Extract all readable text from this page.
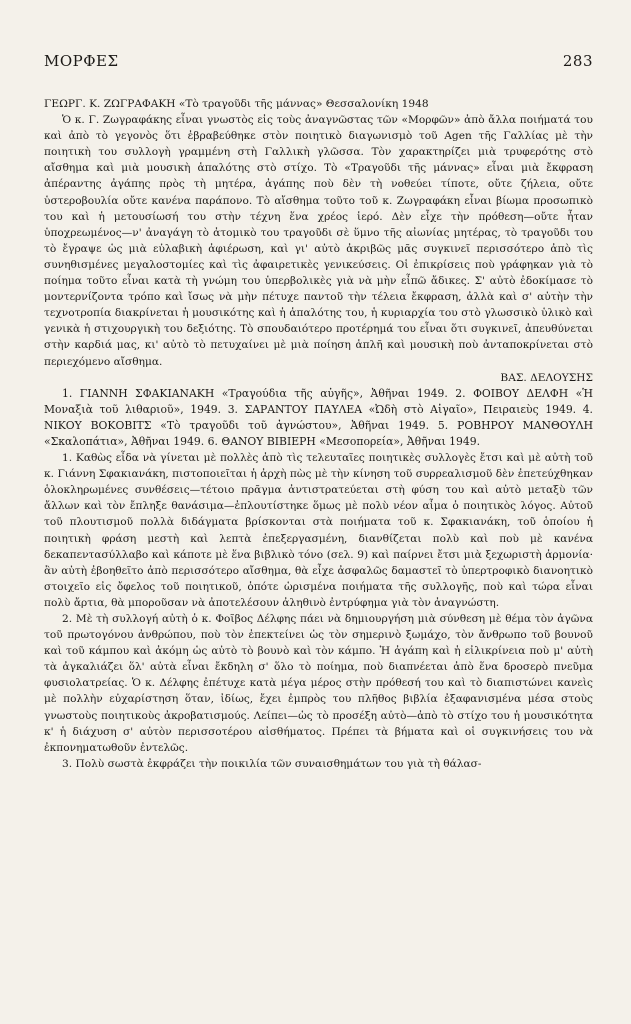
ΜΟΡΦΕΣ	283

ΓΕΩΡΓ. Κ. ΖΩΓΡΑΦΑΚΗ «Τὸ τραγοῦδι τῆς μάννας» Θεσσαλονίκη 1948

Ὁ κ. Γ. Ζωγραφάκης εἶναι γνωστὸς εἰς τοὺς ἀναγνῶστας τῶν «Μορφῶν» ἀπὸ ἄλλα ποιήματά του καὶ ἀπὸ τὸ γεγονὸς ὅτι ἐβραβεύθηκε στὸν ποιητικὸ διαγωνισμὸ τοῦ Agen τῆς Γαλλίας μὲ τὴν ποιητικὴ του συλλογὴ γραμμένη στὴ Γαλλικὴ γλῶσσα. Τὸν χαρακτηρίζει μιὰ τρυφερότης στὸ αἴσθημα καὶ μιὰ μουσικὴ ἁπαλότης στὸ στίχο. Τὸ «Τραγοῦδι τῆς μάννας» εἶναι μιὰ ἔκφραση ἀπέραντης ἀγάπης πρὸς τὴ μητέρα, ἀγάπης ποὺ δὲν τὴ νοθεύει τίποτε, οὔτε ζήλεια, οὔτε ὑστεροβουλία οὔτε κανένα παράπονο. Τὸ αἴσθημα τοῦτο τοῦ κ. Ζωγραφάκη εἶναι βίωμα προσωπικὸ του καὶ ἡ μετουσίωσή του στὴν τέχνη ἕνα χρέος ἱερό. Δὲν εἶχε τὴν πρόθεση—οὔτε ἦταν ὑποχρεωμένος—ν' ἀναγάγη τὸ ἀτομικὸ του τραγοῦδι σὲ ὕμνο τῆς αἰωνίας μητέρας, τὸ τραγοῦδι του τὸ ἔγραψε ὡς μιὰ εὐλαβικὴ ἀφιέρωση, καὶ γι' αὐτὸ ἀκριβῶς μᾶς συγκινεῖ περισσότερο ἀπὸ τὶς συνηθισμένες μεγαλοστομίες καὶ τὶς ἀφαιρετικὲς γενικεύσεις. Οἱ ἐπικρίσεις ποὺ γράφηκαν γιὰ τὸ ποίημα τοῦτο εἶναι κατὰ τὴ γνώμη του ὑπερβολικὲς γιὰ νὰ μὴν εἶπῶ ἄδικες. Σ' αὐτὸ ἐδοκίμασε τὸ μοντερνίζοντα τρόπο καὶ ἴσως νὰ μὴν πέτυχε παντοῦ τὴν τέλεια ἔκφραση, ἀλλὰ καὶ σ' αὐτὴν τὴν τεχνοτροπία διακρίνεται ἡ μουσικότης καὶ ἡ ἁπαλότης του, ἡ κυριαρχία του στὸ γλωσσικὸ ὑλικὸ καὶ γενικὰ ἡ στιχουργικὴ του δεξιότης. Τὸ σπουδαιότερο προτέρημά του εἶναι ὅτι συγκινεῖ, ἀπευθύνεται στὴν καρδιά μας, κι' αὐτὸ τὸ πετυχαίνει μὲ μιὰ ποίηση ἁπλῆ καὶ μουσικὴ ποὺ ἀνταποκρίνεται στὸ περιεχόμενο αἴσθημα.

ΒΑΣ. ΔΕΛΟΥΣΗΣ

1. ΓΙΑΝΝΗ ΣΦΑΚΙΑΝΑΚΗ «Τραγούδια τῆς αὐγῆς», Ἀθῆναι 1949. 2. ΦΟΙΒΟΥ ΔΕΛΦΗ «Ἡ Μοναξιὰ τοῦ λιθαριοῦ», 1949. 3. ΣΑΡΑΝΤΟΥ ΠΑΥΛΕΑ «Ὠδὴ στὸ Αἰγαῖο», Πειραιεὺς 1949. 4. ΝΙΚΟΥ ΒΟΚΟΒΙΤΣ «Τὸ τραγοῦδι τοῦ ἀγνώστου», Ἀθῆναι 1949. 5. ΡΟΒΗΡΟΥ ΜΑΝΘΟΥΛΗ «Σκαλοπάτια», Ἀθῆναι 1949. 6. ΘΑΝΟΥ ΒΙΒΙΕΡΗ «Μεσοπορεία», Ἀθῆναι 1949.

1. Καθὼς εἶδα νὰ γίνεται μὲ πολλὲς ἀπὸ τὶς τελευταῖες ποιητικὲς συλλογὲς ἔτσι καὶ μὲ αὐτὴ τοῦ κ. Γιάννη Σφακιανάκη, πιστοποιεῖται ἡ ἀρχὴ πὼς μὲ τὴν κίνηση τοῦ συρρεαλισμοῦ δὲν ἐπετεύχθηκαν ὁλοκληρωμένες συνθέσεις—τέτοιο πρᾶγμα ἀντιστρατεύεται στὴ φύση του καὶ αὐτὸ μεταξὺ τῶν ἄλλων καὶ τὸν ἔπληξε θανάσιμα—ἐπλουτίστηκε ὅμως μὲ πολὺ νέον αἷμα ὁ ποιητικὸς λόγος. Αὐτοῦ τοῦ πλουτισμοῦ πολλὰ διδάγματα βρίσκονται στὰ ποιήματα τοῦ κ. Σφακιανάκη, τοῦ ὁποίου ἡ ποιητικὴ φράση μεστὴ καὶ λεπτὰ ἐπεξεργασμένη, διανθίζεται πολὺ καὶ ποὺ μὲ κανένα δεκαπεντασύλλαβο καὶ κάποτε μὲ ἕνα βιβλικὸ τόνο (σελ. 9) καὶ παίρνει ἔτσι μιὰ ξεχωριστὴ ἁρμονία· ἂν αὐτὴ ἐβοηθεῖτο ἀπὸ περισσότερο αἴσθημα, θὰ εἶχε ἀσφαλῶς δαμαστεῖ τὸ ὑπερτροφικὸ διανοητικὸ στοιχεῖο εἰς ὄφελος τοῦ ποιητικοῦ, ὁπότε ὡρισμένα ποιήματα τῆς συλλογῆς, ποὺ καὶ τώρα εἶναι πολὺ ἄρτια, θὰ μποροῦσαν νὰ ἀποτελέσουν ἀληθινὸ ἐντρύφημα γιὰ τὸν ἀναγνώστη.

2. Μὲ τὴ συλλογή αὐτὴ ὁ κ. Φοῖβος Δέλφης πάει νὰ δημιουργήση μιὰ σύνθεση μὲ θέμα τὸν ἀγῶνα τοῦ πρωτογόνου ἀνθρώπου, ποὺ τὸν ἐπεκτείνει ὡς τὸν σημερινὸ ξωμάχο, τὸν ἄνθρωπο τοῦ βουνοῦ καὶ τοῦ κάμπου καὶ ἀκόμη ὡς αὐτὸ τὸ βουνὸ καὶ τὸν κάμπο. Ἡ ἀγάπη καὶ ἡ εἰλικρίνεια ποὺ μ' αὐτὴ τὰ ἀγκαλιάζει ὅλ' αὐτὰ εἶναι ἔκδηλη σ' ὅλο τὸ ποίημα, ποὺ διαπνέεται ἀπὸ ἕνα δροσερὸ πνεῦμα φυσιολατρείας. Ὁ κ. Δέλφης ἐπέτυχε κατὰ μέγα μέρος στὴν πρόθεσή του καὶ τὸ διαπιστώνει κανεὶς μὲ πολλὴν εὐχαρίστηση ὅταν, ἰδίως, ἔχει ἐμπρὸς του πλῆθος βιβλία ἐξαφανισμένα μέσα στοὺς γνωστοὺς ποιητικοὺς ἀκροβατισμούς. Λείπει—ὡς τὸ προσέξη αὐτὸ—ἀπὸ τὸ στίχο του ἡ μουσικότητα κ' ἡ διάχυση σ' αὐτὸν περισσοτέρου αἰσθήματος. Πρέπει τὰ βήματα καὶ οἱ συγκινήσεις του νὰ ἐκπονηματωθοῦν ἐντελῶς.

3. Πολὺ σωστὰ ἐκφράζει τὴν ποικιλία τῶν συναισθημάτων του γιὰ τὴ θάλασ-
